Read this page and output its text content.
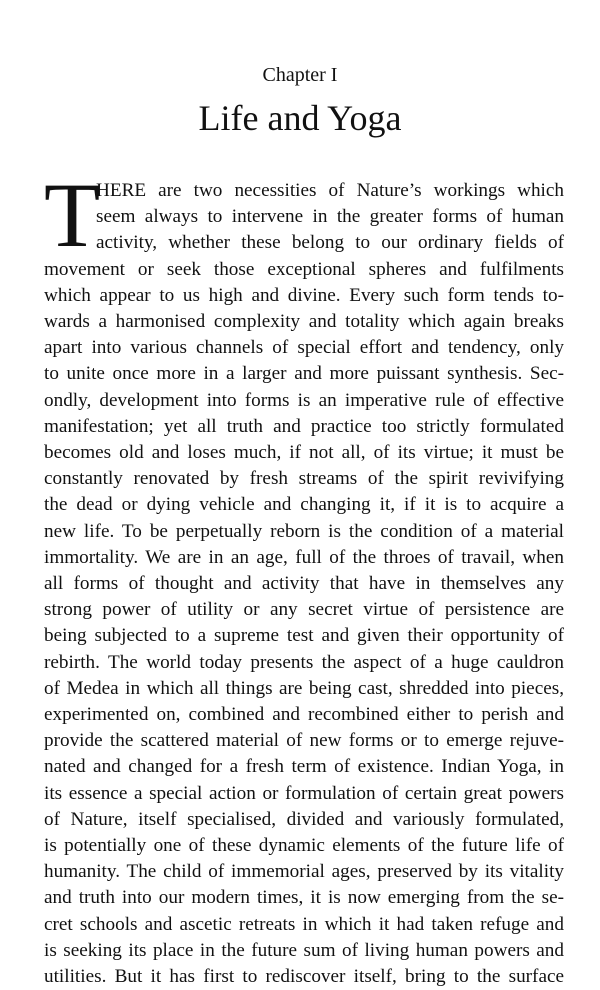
Chapter I
Life and Yoga
T
HERE are two necessities of Nature’s workings which
seem always to intervene in the greater forms of human
activity, whether these belong to our ordinary fields of
movement or seek those exceptional spheres and fulfilments
which appear to us high and divine. Every such form tends to-
wards a harmonised complexity and totality which again breaks
apart into various channels of special effort and tendency, only
to unite once more in a larger and more puissant synthesis. Sec-
ondly, development into forms is an imperative rule of effective
manifestation; yet all truth and practice too strictly formulated
becomes old and loses much, if not all, of its virtue; it must be
constantly renovated by fresh streams of the spirit revivifying
the dead or dying vehicle and changing it, if it is to acquire a
new life. To be perpetually reborn is the condition of a material
immortality. We are in an age, full of the throes of travail, when
all forms of thought and activity that have in themselves any
strong power of utility or any secret virtue of persistence are
being subjected to a supreme test and given their opportunity of
rebirth. The world today presents the aspect of a huge cauldron
of Medea in which all things are being cast, shredded into pieces,
experimented on, combined and recombined either to perish and
provide the scattered material of new forms or to emerge rejuve-
nated and changed for a fresh term of existence. Indian Yoga, in
its essence a special action or formulation of certain great powers
of Nature, itself specialised, divided and variously formulated,
is potentially one of these dynamic elements of the future life of
humanity. The child of immemorial ages, preserved by its vitality
and truth into our modern times, it is now emerging from the se-
cret schools and ascetic retreats in which it had taken refuge and
is seeking its place in the future sum of living human powers and
utilities. But it has first to rediscover itself, bring to the surface
